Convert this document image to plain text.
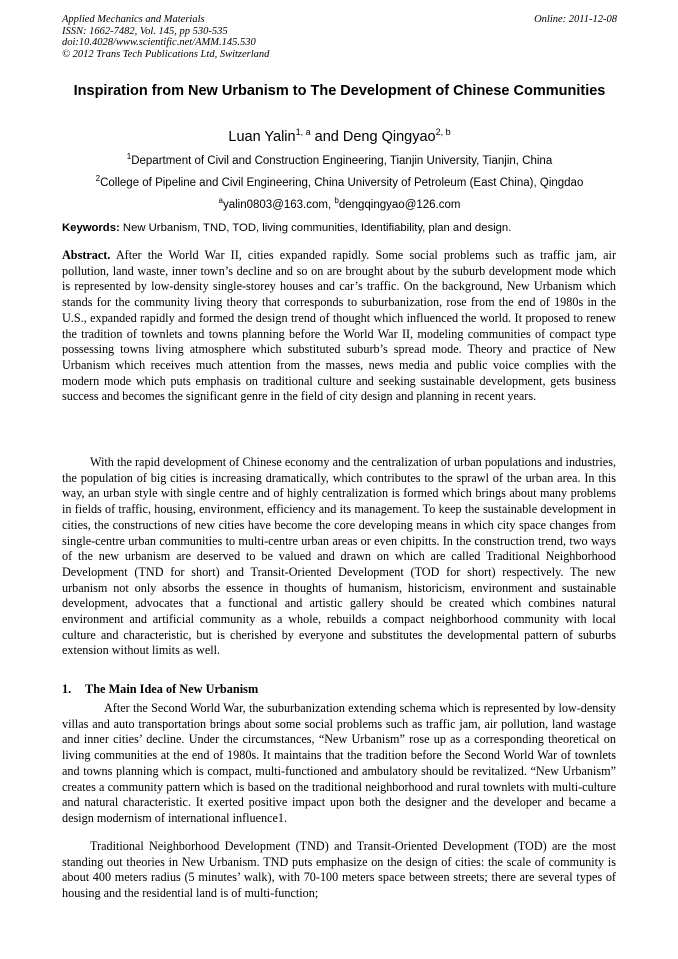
Applied Mechanics and Materials
ISSN: 1662-7482, Vol. 145, pp 530-535
doi:10.4028/www.scientific.net/AMM.145.530
© 2012 Trans Tech Publications Ltd, Switzerland
Online: 2011-12-08
Inspiration from New Urbanism to The Development of Chinese Communities
Luan Yalin$^{1, a}$ and Deng Qingyao$^{2, b}$
$^1$Department of Civil and Construction Engineering, Tianjin University, Tianjin, China
$^2$College of Pipeline and Civil Engineering, China University of Petroleum (East China), Qingdao
$^a$yalin0803@163.com, $^b$dengqingyao@126.com
Keywords: New Urbanism, TND, TOD, living communities, Identifiability, plan and design.

Abstract. After the World War II, cities expanded rapidly. Some social problems such as traffic jam, air pollution, land waste, inner town’s decline and so on are brought about by the suburb development mode which is represented by low-density single-storey houses and car’s traffic. On the background, New Urbanism which stands for the community living theory that corresponds to suburbanization, rose from the end of 1980s in the U.S., expanded rapidly and formed the design trend of thought which influenced the world. It proposed to renew the tradition of townlets and towns planning before the World War II, modeling communities of compact type possessing towns living atmosphere which substituted suburb’s spread mode. Theory and practice of New Urbanism which receives much attention from the masses, news media and public voice complies with the modern mode which puts emphasis on traditional culture and seeking sustainable development, gets business success and becomes the significant genre in the field of city design and planning in recent years.

With the rapid development of Chinese economy and the centralization of urban populations and industries, the population of big cities is increasing dramatically, which contributes to the sprawl of the urban area. In this way, an urban style with single centre and of highly centralization is formed which brings about many problems in fields of traffic, housing, environment, efficiency and its management. To keep the sustainable development in cities, the constructions of new cities have become the core developing means in which city space changes from single-centre urban communities to multi-centre urban areas or even chipitts. In the construction trend, two ways of the new urbanism are deserved to be valued and drawn on which are called Traditional Neighborhood Development (TND for short) and Transit-Oriented Development (TOD for short) respectively. The new urbanism not only absorbs the essence in thoughts of humanism, historicism, environment and sustainable development, advocates that a functional and artistic gallery should be created which combines natural environment and artificial community as a whole, rebuilds a compact neighborhood community with local culture and characteristic, but is cherished by everyone and substitutes the developmental pattern of suburbs extension without limits as well.

1. The Main Idea of New Urbanism

After the Second World War, the suburbanization extending schema which is represented by low-density villas and auto transportation brings about some social problems such as traffic jam, air pollution, land wastage and inner cities’ decline. Under the circumstances, “New Urbanism” rose up as a corresponding theoretical on living communities at the end of 1980s. It maintains that the tradition before the Second World War of townlets and towns planning which is compact, multi-functioned and ambulatory should be revitalized. “New Urbanism” creates a community pattern which is based on the traditional neighborhood and rural townlets with multi-culture and natural characteristic. It exerted positive impact upon both the designer and the developer and became a design modernism of international influence1.

Traditional Neighborhood Development (TND) and Transit-Oriented Development (TOD) are the most standing out theories in New Urbanism. TND puts emphasize on the design of cities: the scale of community is about 400 meters radius (5 minutes’ walk), with 70-100 meters space between streets; there are several types of housing and the residential land is of multi-function;
